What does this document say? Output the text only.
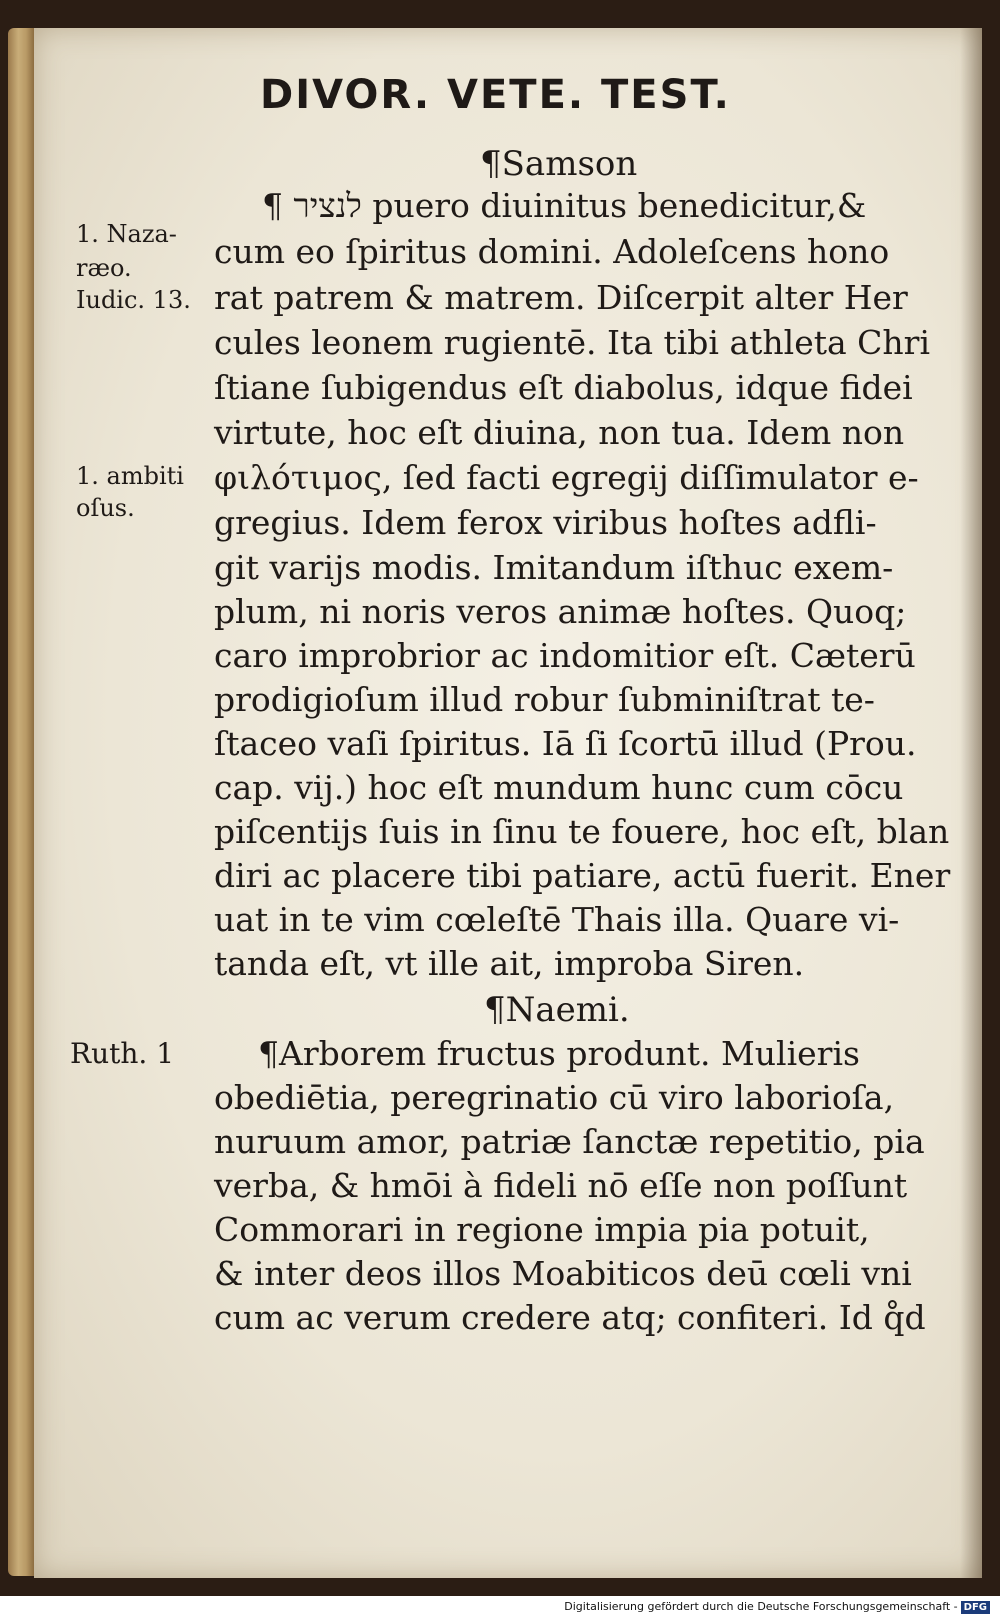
DIVOR. VETE. TEST.
¶Samson
¶ לנציר puero diuinitus benedicitur,&
cum eo ſpiritus domini. Adoleſcens hono
rat patrem & matrem. Diſcerpit alter Her
cules leonem rugientē. Ita tibi athleta Chri
ſtiane ſubigendus eſt diabolus, idque fidei
virtute, hoc eſt diuina, non tua. Idem non
φιλότιμος, ſed facti egregij diſſimulator e-
gregius. Idem ferox viribus hoſtes adfli-
git varijs modis. Imitandum iſthuc exem-
plum, ni noris veros animæ hoſtes. Quoq;
caro improbrior ac indomitior eſt. Cæterū
prodigioſum illud robur ſubminiſtrat te-
ſtaceo vaſi ſpiritus. Iā ſi ſcortū illud (Prou.
cap. vij.) hoc eſt mundum hunc cum cōcu
piſcentijs ſuis in ſinu te fouere, hoc eſt, blan
diri ac placere tibi patiare, actū fuerit. Ener
uat in te vim cœleſtē Thais illa. Quare vi-
tanda eſt, vt ille ait, improba Siren.
¶Naemi.
¶Arborem fructus produnt. Mulieris
obediētia, peregrinatio cū viro laborioſa,
nuruum amor, patriæ ſanctæ repetitio, pia
verba, & hmōi à fideli nō eſſe non poſſunt
Commorari in regione impia pia potuit,
& inter deos illos Moabiticos deū cœli vni
cum ac verum credere atq; confiteri. Id q̊d
1. Naza-
ræo.
Iudic. 13.
1. ambiti
oſus.
Ruth. 1
Digitalisierung gefördert durch die Deutsche Forschungsgemeinschaft - DFG
